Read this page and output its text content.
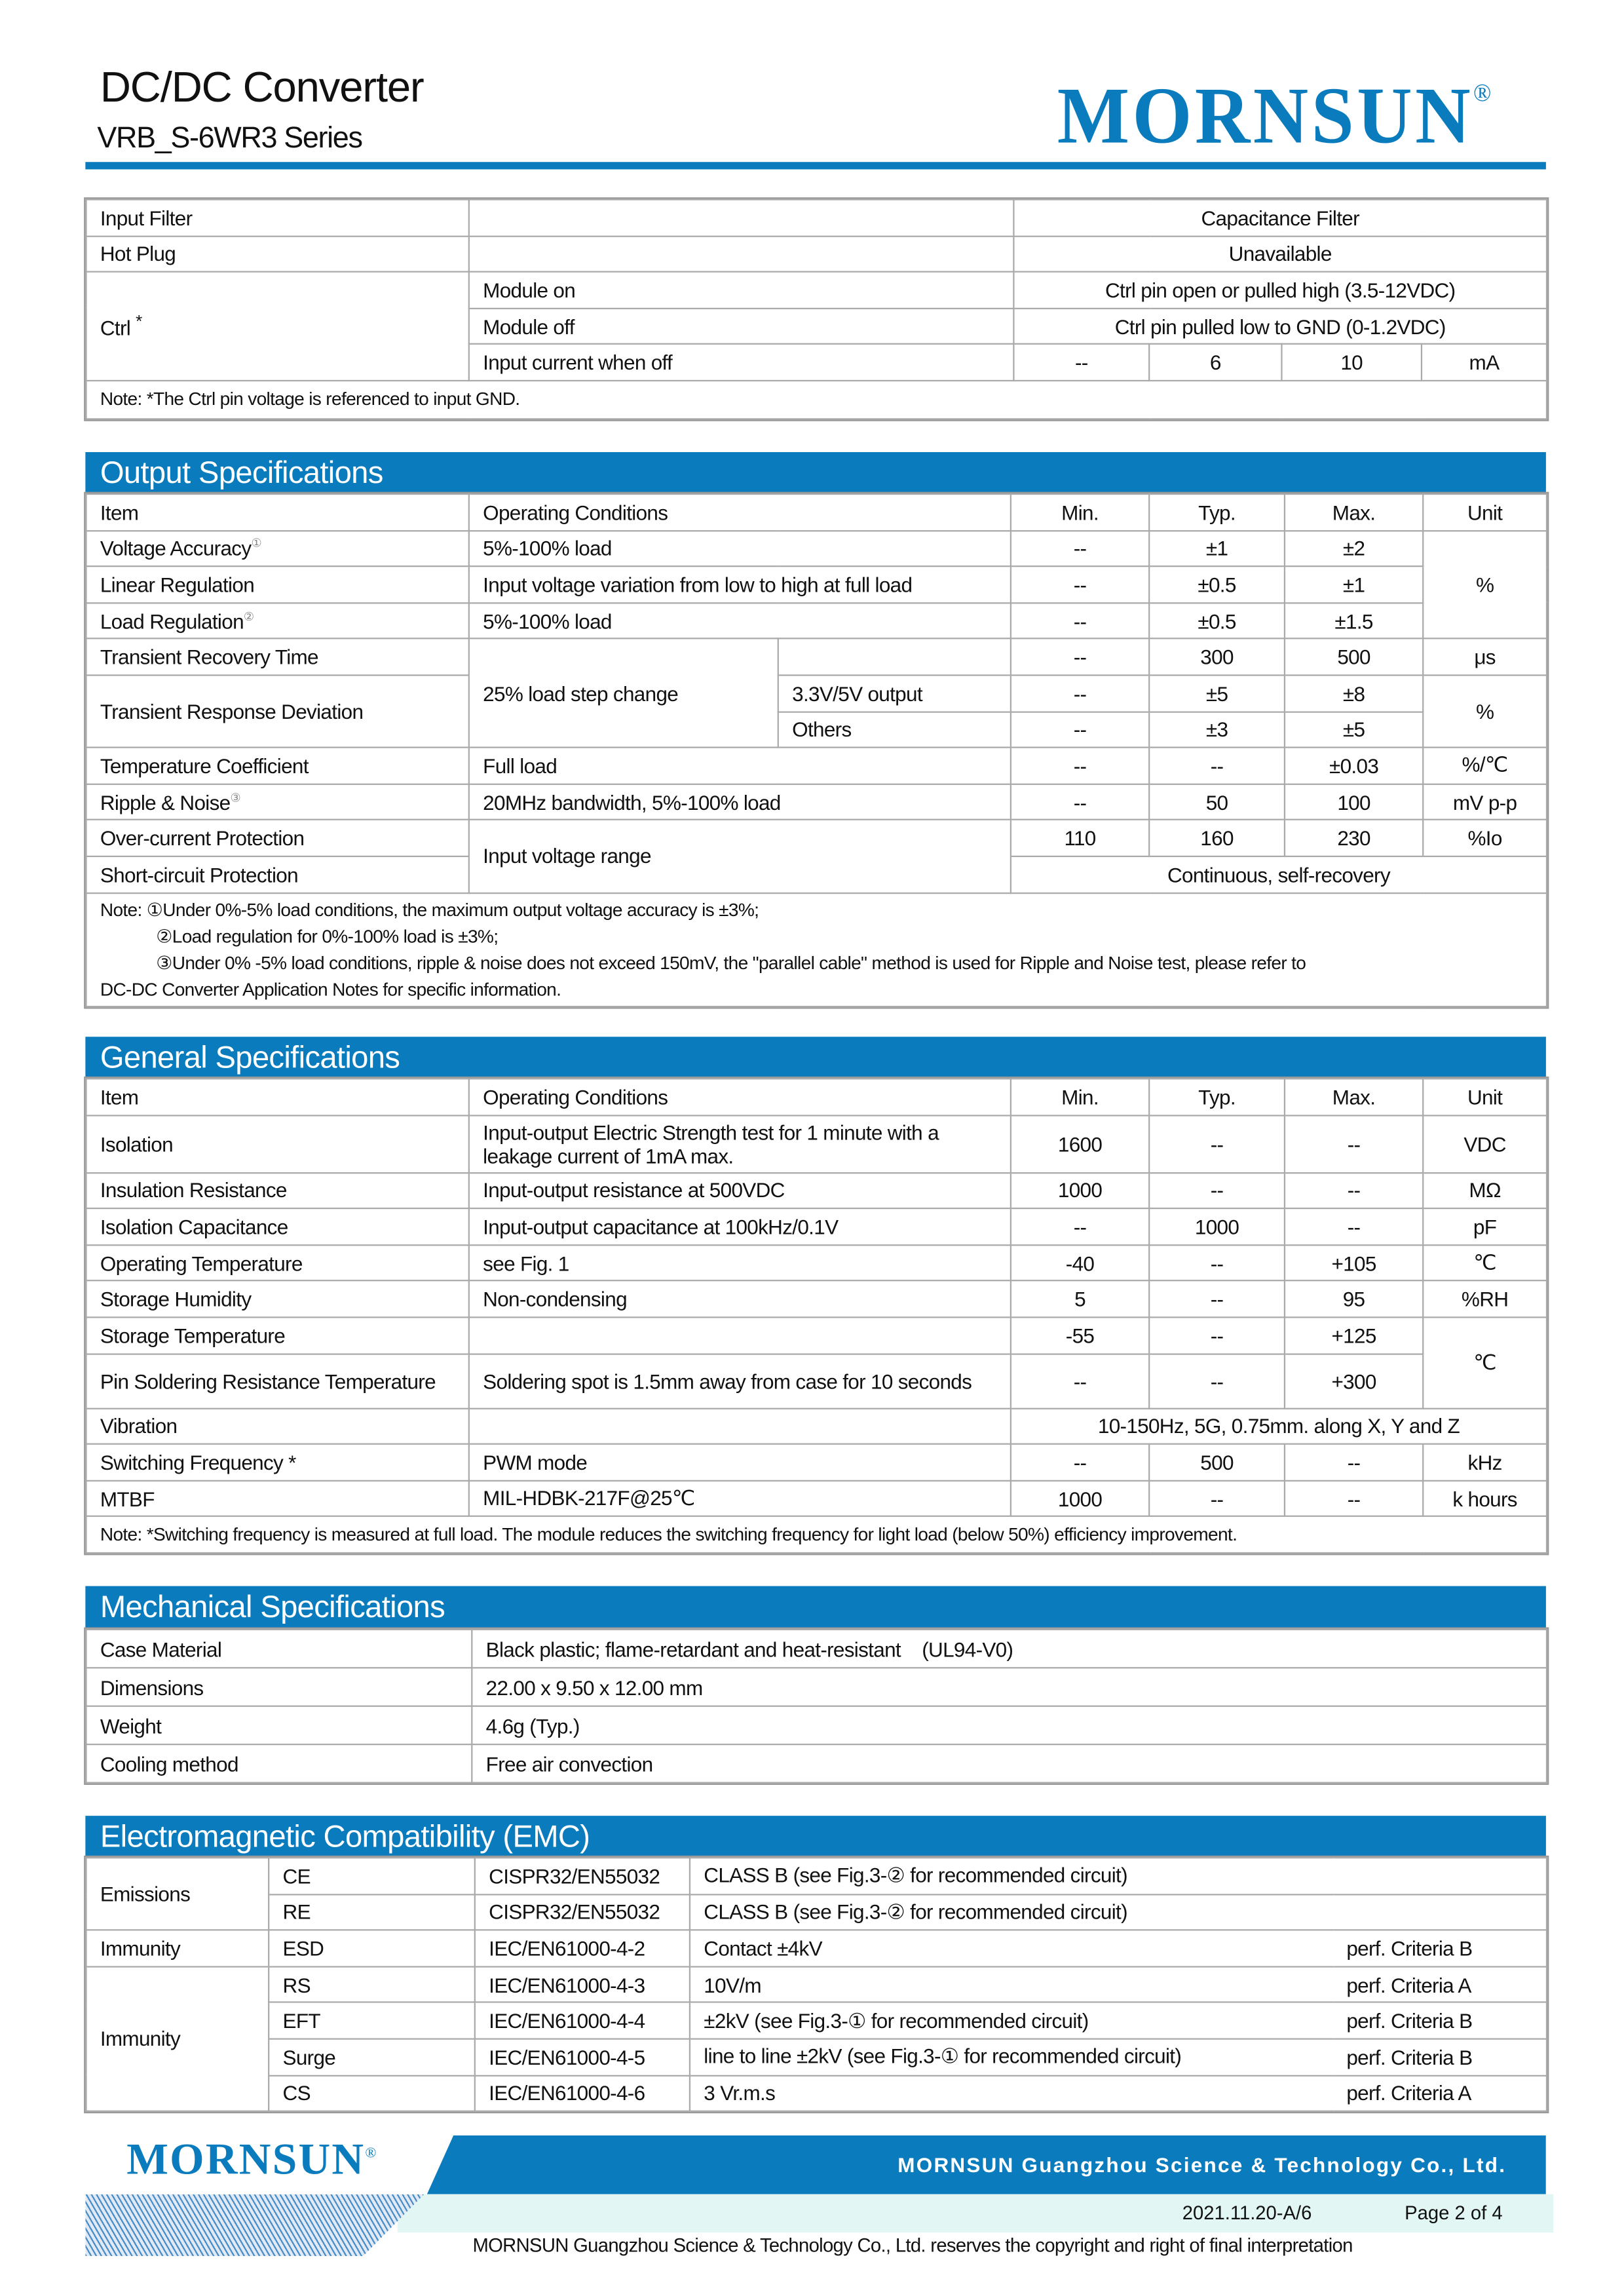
DC/DC Converter
VRB_S-6WR3 Series	MORNSUN®
Input Filter		Capacitance Filter			
Hot Plug		Unavailable			
Ctrl *	Module on	Ctrl pin open or pulled high (3.5-12VDC)			
	Module off	Ctrl pin pulled low to GND (0-1.2VDC)			
	Input current when off	--	6	10	mA
Note: *The Ctrl pin voltage is referenced to input GND.					
Output Specifications
Item	Operating Conditions		Min.	Typ.	Max.	Unit
Voltage Accuracy①	5%-100% load		--	±1	±2	%
Linear Regulation	Input voltage variation from low to high at full load		--	±0.5	±1	
Load Regulation②	5%-100% load		--	±0.5	±1.5	
Transient Recovery Time	25% load step change		--	300	500	μs
Transient Response Deviation		3.3V/5V output	--	±5	±8	%
		Others	--	±3	±5	
Temperature Coefficient	Full load		--	--	±0.03	%/℃
Ripple & Noise③	20MHz bandwidth, 5%-100% load		--	50	100	mV p-p
Over-current Protection	Input voltage range		110	160	230	%Io
Short-circuit Protection			Continuous, self-recovery			

Note: ①Under 0%-5% load conditions, the maximum output voltage accuracy is ±3%;
②Load regulation for 0%-100% load is ±3%;
③Under 0% -5% load conditions, ripple & noise does not exceed 150mV, the "parallel cable" method is used for Ripple and Noise test, please refer to
DC-DC Converter Application Notes for specific information.						
General Specifications
Item	Operating Conditions	Min.	Typ.	Max.	Unit
Isolation	Input-output Electric Strength test for 1 minute with a leakage current of 1mA max.	1600	--	--	VDC
Insulation Resistance	Input-output resistance at 500VDC	1000	--	--	MΩ
Isolation Capacitance	Input-output capacitance at 100kHz/0.1V	--	1000	--	pF
Operating Temperature	see Fig. 1	-40	--	+105	℃
Storage Humidity	Non-condensing	5	--	95	%RH
Storage Temperature		-55	--	+125	℃
Pin Soldering Resistance Temperature	Soldering spot is 1.5mm away from case for 10 seconds	--	--	+300	
Vibration		10-150Hz, 5G, 0.75mm. along X, Y and Z			
Switching Frequency *	PWM mode	--	500	--	kHz
MTBF	MIL-HDBK-217F@25℃	1000	--	--	k hours
Note: *Switching frequency is measured at full load. The module reduces the switching frequency for light load (below 50%) efficiency improvement.					
Mechanical Specifications
Case Material	Black plastic; flame-retardant and heat-resistant    (UL94-V0)
Dimensions	22.00 x 9.50 x 12.00 mm
Weight	4.6g (Typ.)
Cooling method	Free air convection
Electromagnetic Compatibility (EMC)
Emissions	CE	CISPR32/EN55032	CLASS B (see Fig.3-② for recommended circuit)	
	RE	CISPR32/EN55032	CLASS B (see Fig.3-② for recommended circuit)	
Immunity	ESD	IEC/EN61000-4-2	Contact ±4kV	perf. Criteria B
Immunity	RS	IEC/EN61000-4-3	10V/m	perf. Criteria A
	EFT	IEC/EN61000-4-4	±2kV (see Fig.3-① for recommended circuit)	perf. Criteria B
	Surge	IEC/EN61000-4-5	line to line ±2kV (see Fig.3-① for recommended circuit)	perf. Criteria B
	CS	IEC/EN61000-4-6	3 Vr.m.s	perf. Criteria A
MORNSUN®	MORNSUN Guangzhou Science & Technology Co., Ltd.
2021.11.20-A/6	Page 2 of 4
MORNSUN Guangzhou Science & Technology Co., Ltd. reserves the copyright and right of final interpretation
